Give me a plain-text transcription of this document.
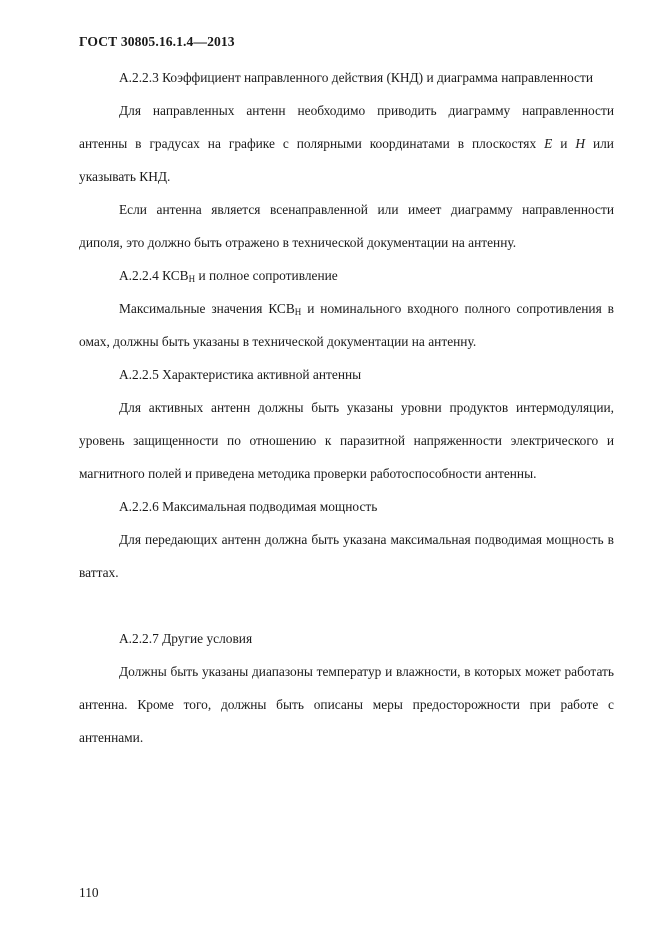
ГОСТ 30805.16.1.4—2013

А.2.2.3 Коэффициент направленного действия (КНД) и диаграмма направленности

Для направленных антенн необходимо приводить диаграмму направленности антенны в градусах на графике с полярными координатами в плоскостях Е и Н или указывать КНД.

Если антенна является всенаправленной или имеет диаграмму направленности диполя, это должно быть отражено в технической документации на антенну.

А.2.2.4 $КСВ_Н$ и полное сопротивление

Максимальные значения $КСВ_Н$ и номинального входного полного сопротивления в омах, должны быть указаны в технической документации на антенну.

А.2.2.5 Характеристика активной антенны

Для активных антенн должны быть указаны уровни продуктов интермодуляции, уровень защищенности по отношению к паразитной напряженности электрического и магнитного полей и приведена методика проверки работоспособности антенны.

А.2.2.6 Максимальная подводимая мощность

Для передающих антенн должна быть указана максимальная подводимая мощность в ваттах.

А.2.2.7 Другие условия

Должны быть указаны диапазоны температур и влажности, в которых может работать антенна. Кроме того, должны быть описаны меры предосторожности при работе с антеннами.

110
